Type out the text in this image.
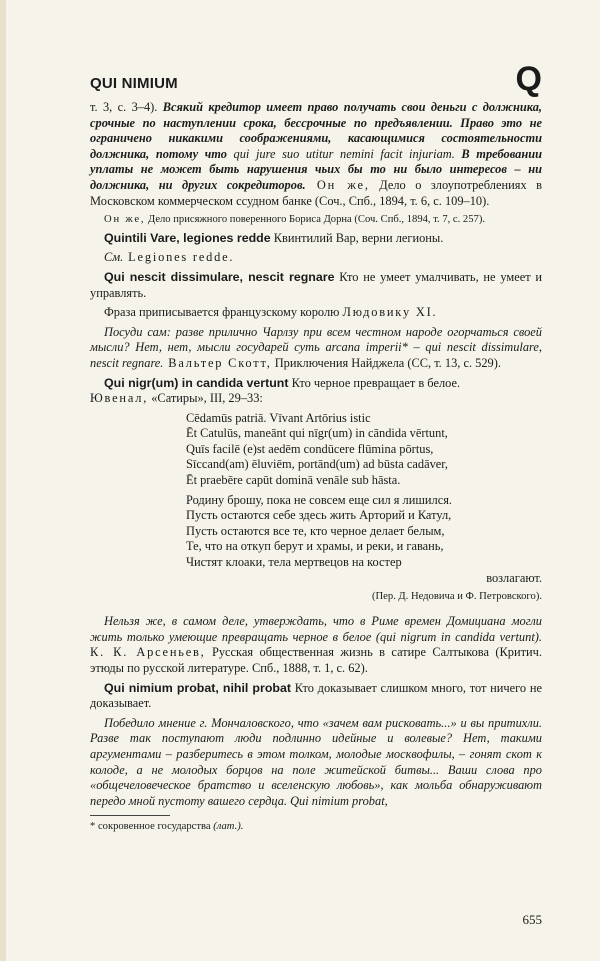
QUI NIMIUM	Q

т. 3, с. 3–4). Всякий кредитор имеет право получать свои деньги с должника, срочные по наступлении срока, бессрочные по предъявлении. Право это не ограничено никакими соображениями, касающимися состоятельности должника, потому что qui jure suo utitur nemini facit injuriam. В требовании уплаты не может быть нарушения чьих бы то ни было интересов – ни должника, ни других сокредиторов. Он же, Дело о злоупотреблениях в Московском коммерческом ссудном банке (Соч., Спб., 1894, т. 6, с. 109–10).

Он же, Дело присяжного поверенного Бориса Дорна (Соч. Спб., 1894, т. 7, с. 257).

Quintili Vare, legiones redde Квинтилий Вар, верни легионы.

См. Legiones redde.

Qui nescit dissimulare, nescit regnare Кто не умеет умалчивать, не умеет и управлять.

Фраза приписывается французскому королю Людовику XI.

Посуди сам: разве прилично Чарлзу при всем честном народе огорчаться своей мысли? Нет, нет, мысли государей суть arcana imperii* – qui nescit dissimulare, nescit regnare. Вальтер Скотт, Приключения Найджела (СС, т. 13, с. 529).

Qui nigr(um) in candida vertunt Кто черное превращает в белое.
Ювенал, «Сатиры», III, 29–33:

Cēdamūs patriā. Vīvant Artōrius istic
Ēt Catulūs, maneānt qui nīgr(um) in cāndida vērtunt,
Quīs facilē (e)st aedēm condūcere flūmina pōrtus,
Sīccand(am) ēluviēm, portānd(um) ad būsta cadāver,
Ēt praebēre capūt dominā venāle sub hāsta.
Родину брошу, пока не совсем еще сил я лишился.
Пусть остаются себе здесь жить Арторий и Катул,
Пусть остаются все те, кто черное делает белым,
Те, что на откуп берут и храмы, и реки, и гавань,
Чистят клоаки, тела мертвецов на костер
возлагают.
(Пер. Д. Недовича и Ф. Петровского).

Нельзя же, в самом деле, утверждать, что в Риме времен Домициана могли жить только умеющие превращать черное в белое (qui nigrum in candida vertunt). К. К. Арсеньев, Русская общественная жизнь в сатире Салтыкова (Критич. этюды по русской литературе. Спб., 1888, т. 1, с. 62).

Qui nimium probat, nihil probat Кто доказывает слишком много, тот ничего не доказывает.

Победило мнение г. Мончаловского, что «зачем вам рисковать...» и вы притихли. Разве так поступают люди подлинно идейные и волевые? Нет, такими аргументами – разберитесь в этом толком, молодые москвофилы, – гонят скот к колоде, а не молодых борцов на поле житейской битвы... Ваши слова про «общечеловеческое братство и вселенскую любовь», как мольба обнаруживают передо мной пустоту вашего сердца. Qui nimium probat,

* сокровенное государства (лат.).

655
